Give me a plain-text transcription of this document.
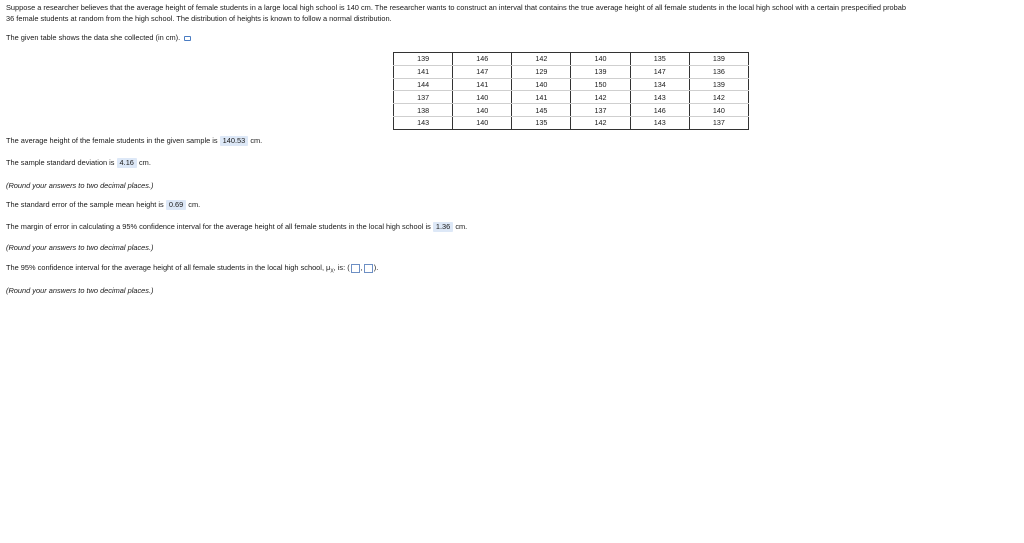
Suppose a researcher believes that the average height of female students in a large local high school is 140 cm. The researcher wants to construct an interval that contains the true average height of all female students in the local high school with a certain prespecified probab
36 female students at random from the high school. The distribution of heights is known to follow a normal distribution.
The given table shows the data she collected (in cm).
139	146	142	140	135	139
141	147	129	139	147	136
144	141	140	150	134	139
137	140	141	142	143	142
138	140	145	137	146	140
143	140	135	142	143	137
The average height of the female students in the given sample is 140.53 cm.
The sample standard deviation is 4.16 cm.
(Round your answers to two decimal places.)
The standard error of the sample mean height is 0.69 cm.
The margin of error in calculating a 95% confidence interval for the average height of all female students in the local high school is 1.36 cm.
(Round your answers to two decimal places.)
The 95% confidence interval for the average height of all female students in the local high school, $\mu_X$, is: ( , ).
(Round your answers to two decimal places.)
